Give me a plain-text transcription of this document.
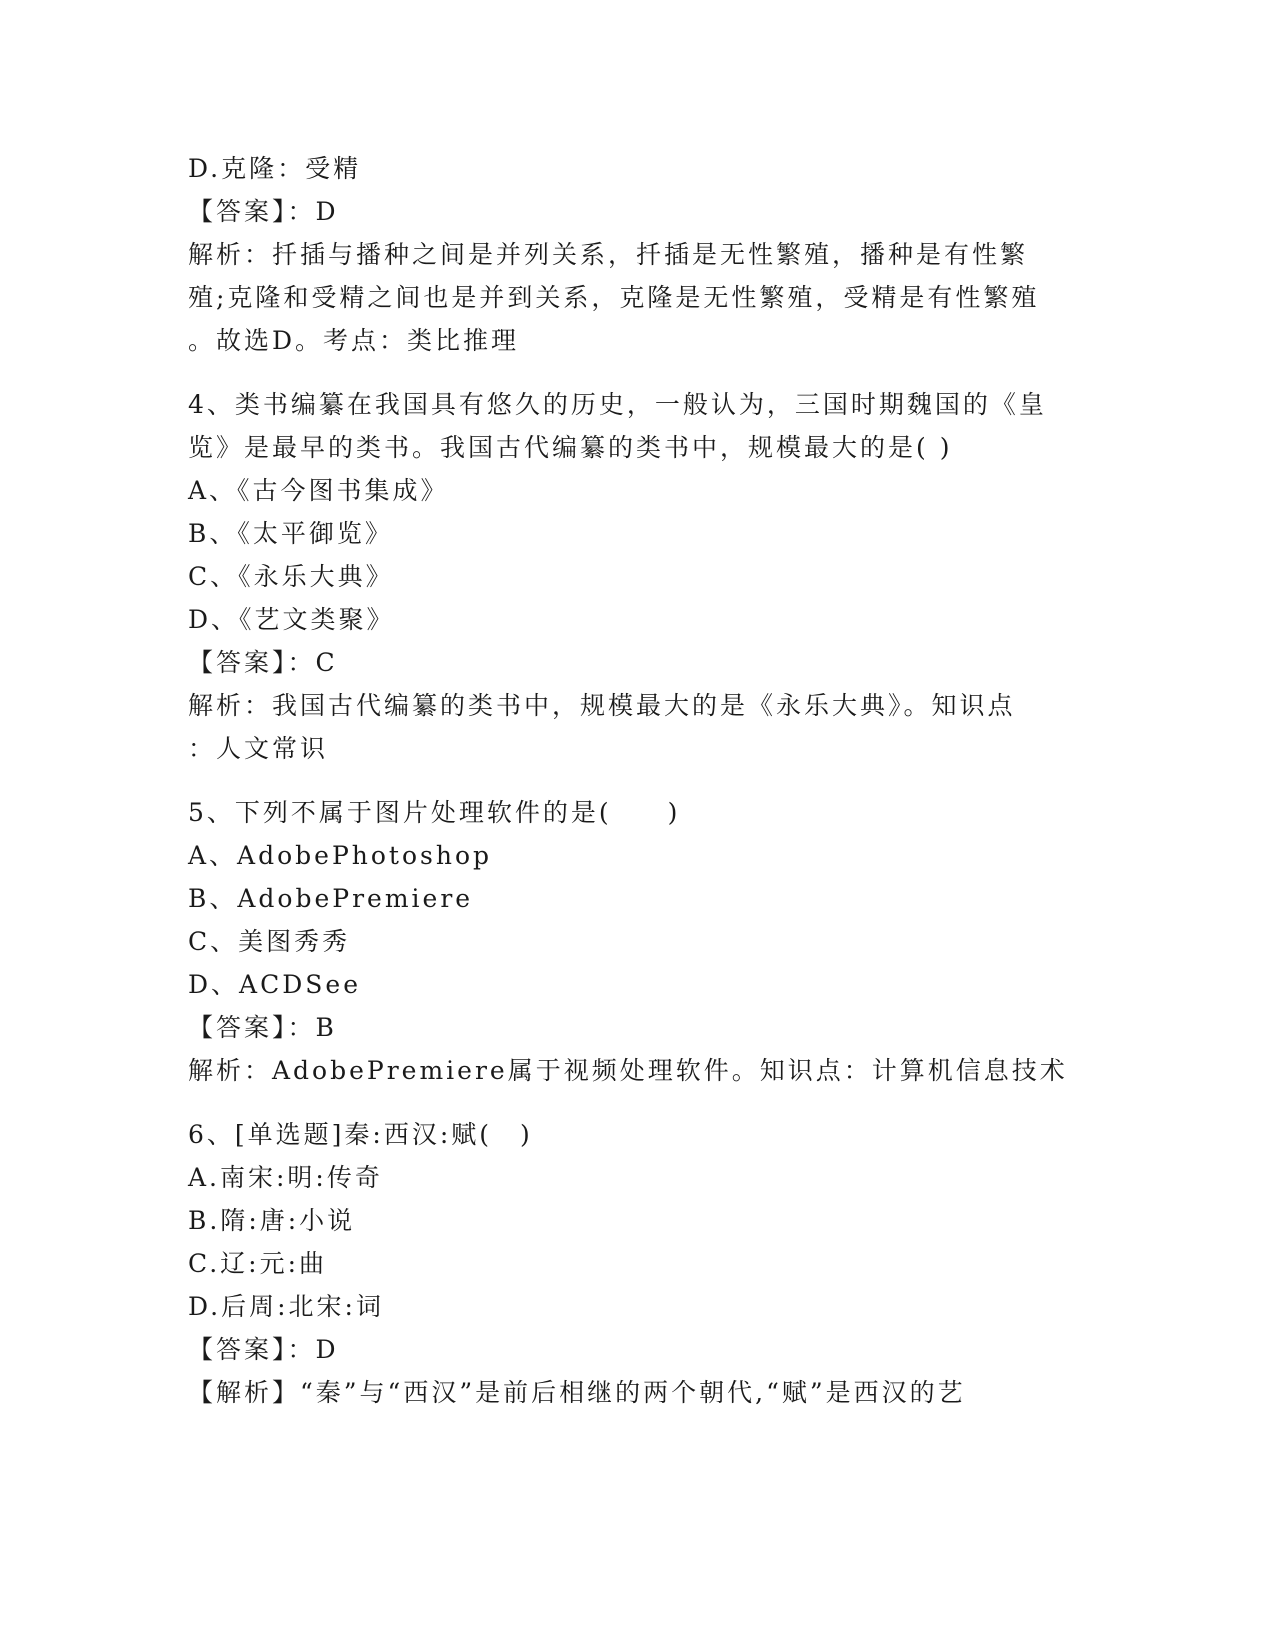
D.克隆：受精
【答案】：D
解析：扦插与播种之间是并列关系，扦插是无性繁殖，播种是有性繁
殖;克隆和受精之间也是并到关系，克隆是无性繁殖，受精是有性繁殖
。故选D。考点：类比推理
4、类书编纂在我国具有悠久的历史，一般认为，三国时期魏国的《皇
览》是最早的类书。我国古代编纂的类书中，规模最大的是( )
A、《古今图书集成》
B、《太平御览》
C、《永乐大典》
D、《艺文类聚》
【答案】：C
解析：我国古代编纂的类书中，规模最大的是《永乐大典》。知识点
：人文常识
5、下列不属于图片处理软件的是(　　)
A、AdobePhotoshop
B、AdobePremiere
C、美图秀秀
D、ACDSee
【答案】：B
解析：AdobePremiere属于视频处理软件。知识点：计算机信息技术
6、[单选题]秦:西汉:赋(　)
A.南宋:明:传奇
B.隋:唐:小说
C.辽:元:曲
D.后周:北宋:词
【答案】：D
【解析】“秦”与“西汉”是前后相继的两个朝代,“赋”是西汉的艺
